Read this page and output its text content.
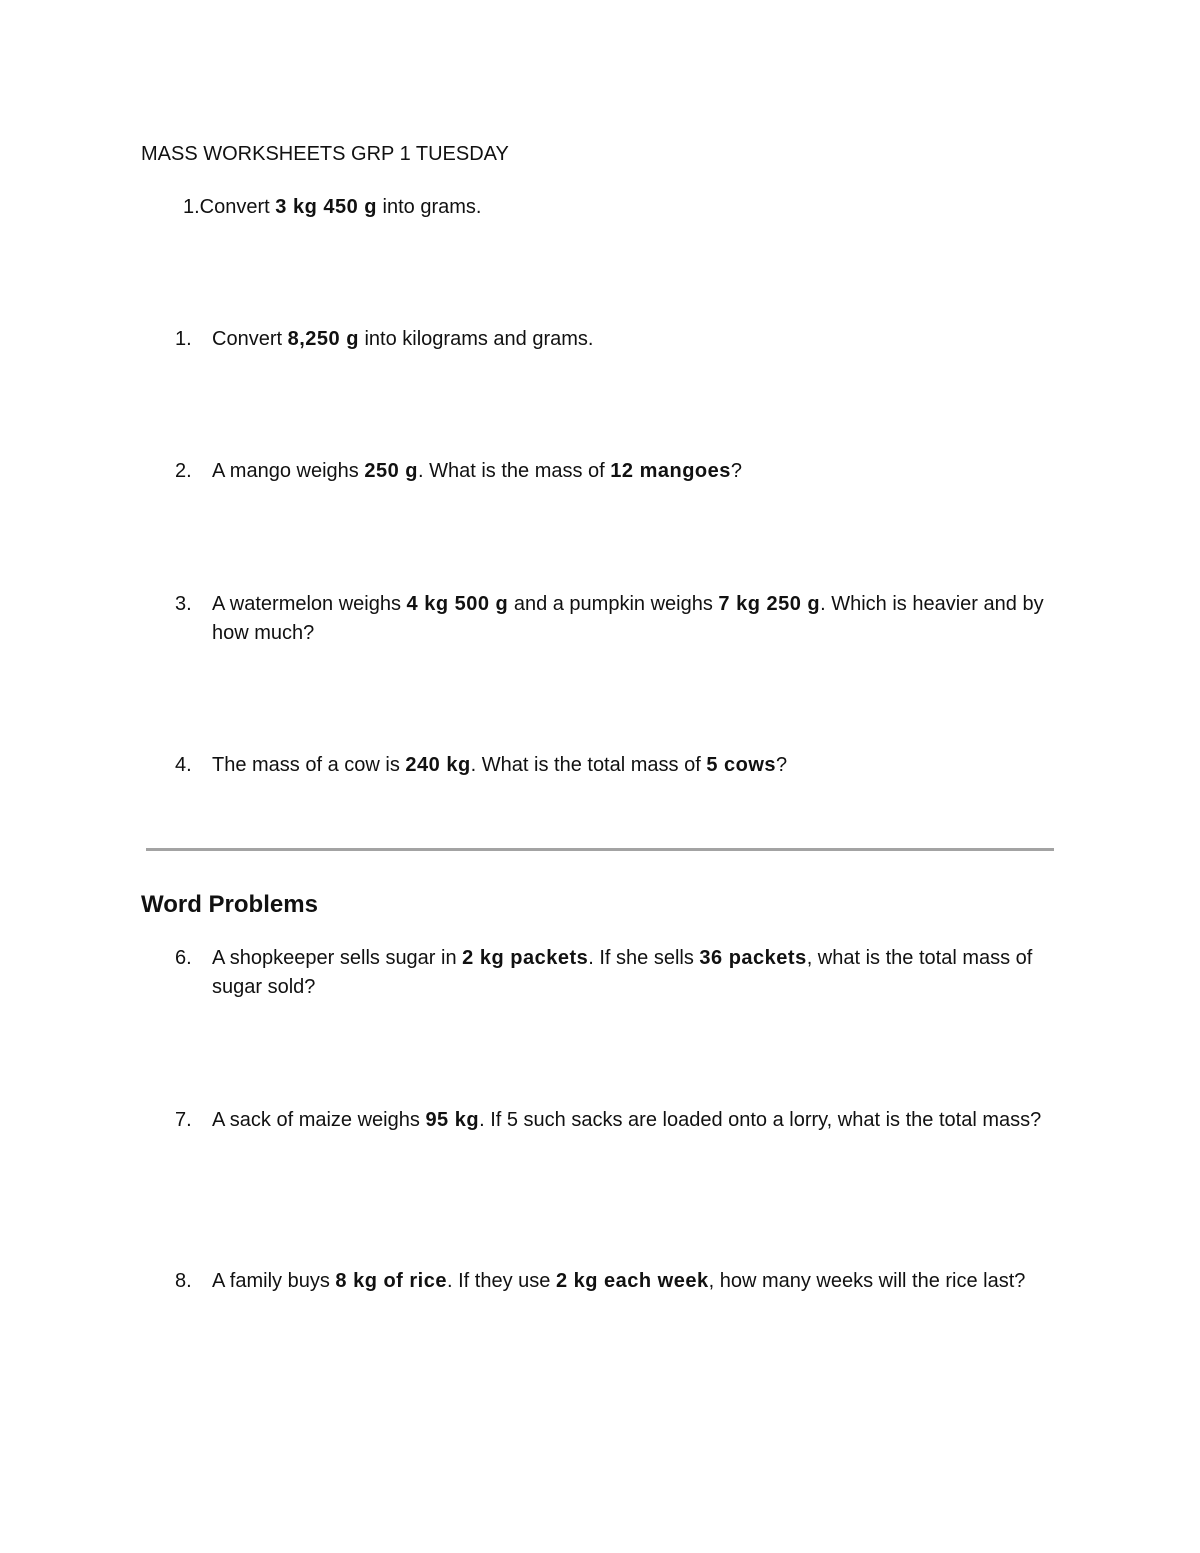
MASS WORKSHEETS GRP 1 TUESDAY
1.Convert 3 kg 450 g into grams.
1.	Convert 8,250 g into kilograms and grams.
2.	A mango weighs 250 g. What is the mass of 12 mangoes?
3.	A watermelon weighs 4 kg 500 g and a pumpkin weighs 7 kg 250 g. Which is heavier and by how much?
4.	The mass of a cow is 240 kg. What is the total mass of 5 cows?
Word Problems
6.	A shopkeeper sells sugar in 2 kg packets. If she sells 36 packets, what is the total mass of sugar sold?
7.	A sack of maize weighs 95 kg. If 5 such sacks are loaded onto a lorry, what is the total mass?
8.	A family buys 8 kg of rice. If they use 2 kg each week, how many weeks will the rice last?
